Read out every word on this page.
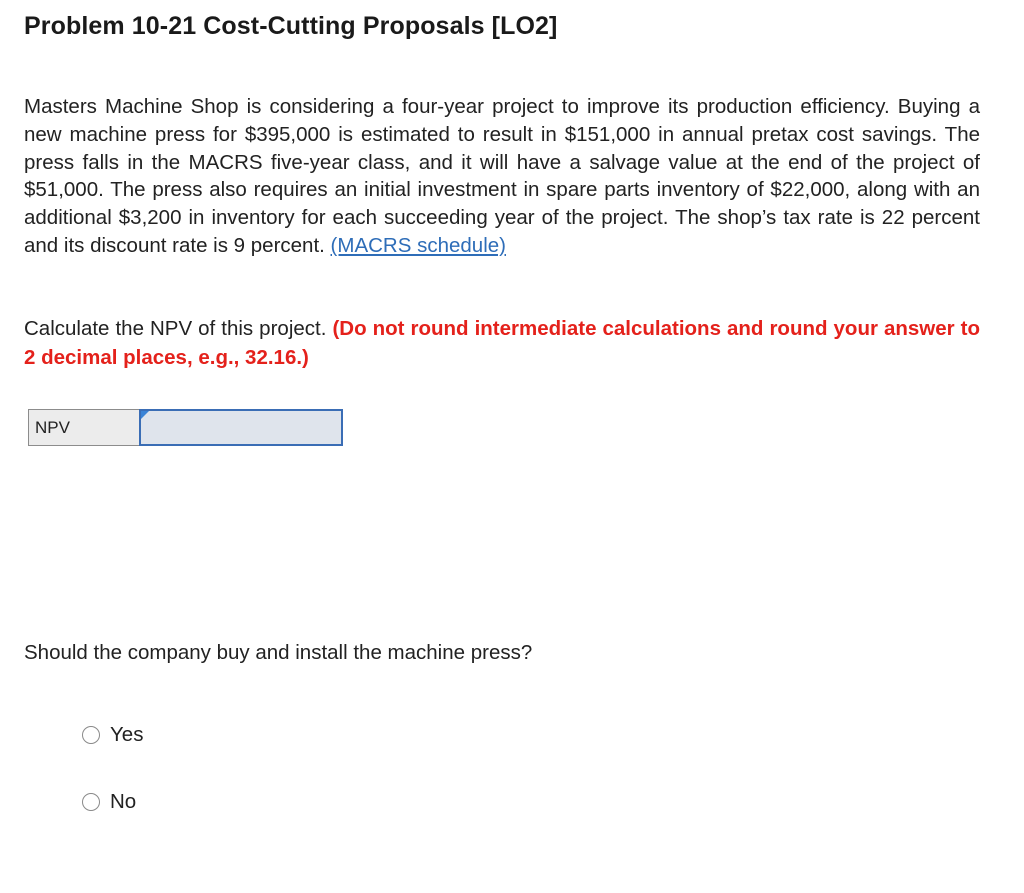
Problem 10-21 Cost-Cutting Proposals [LO2]
Masters Machine Shop is considering a four-year project to improve its production efficiency. Buying a new machine press for $395,000 is estimated to result in $151,000 in annual pretax cost savings. The press falls in the MACRS five-year class, and it will have a salvage value at the end of the project of $51,000. The press also requires an initial investment in spare parts inventory of $22,000, along with an additional $3,200 in inventory for each succeeding year of the project. The shop’s tax rate is 22 percent and its discount rate is 9 percent. (MACRS schedule)
Calculate the NPV of this project. (Do not round intermediate calculations and round your answer to 2 decimal places, e.g., 32.16.)
NPV
Should the company buy and install the machine press?
Yes
No
